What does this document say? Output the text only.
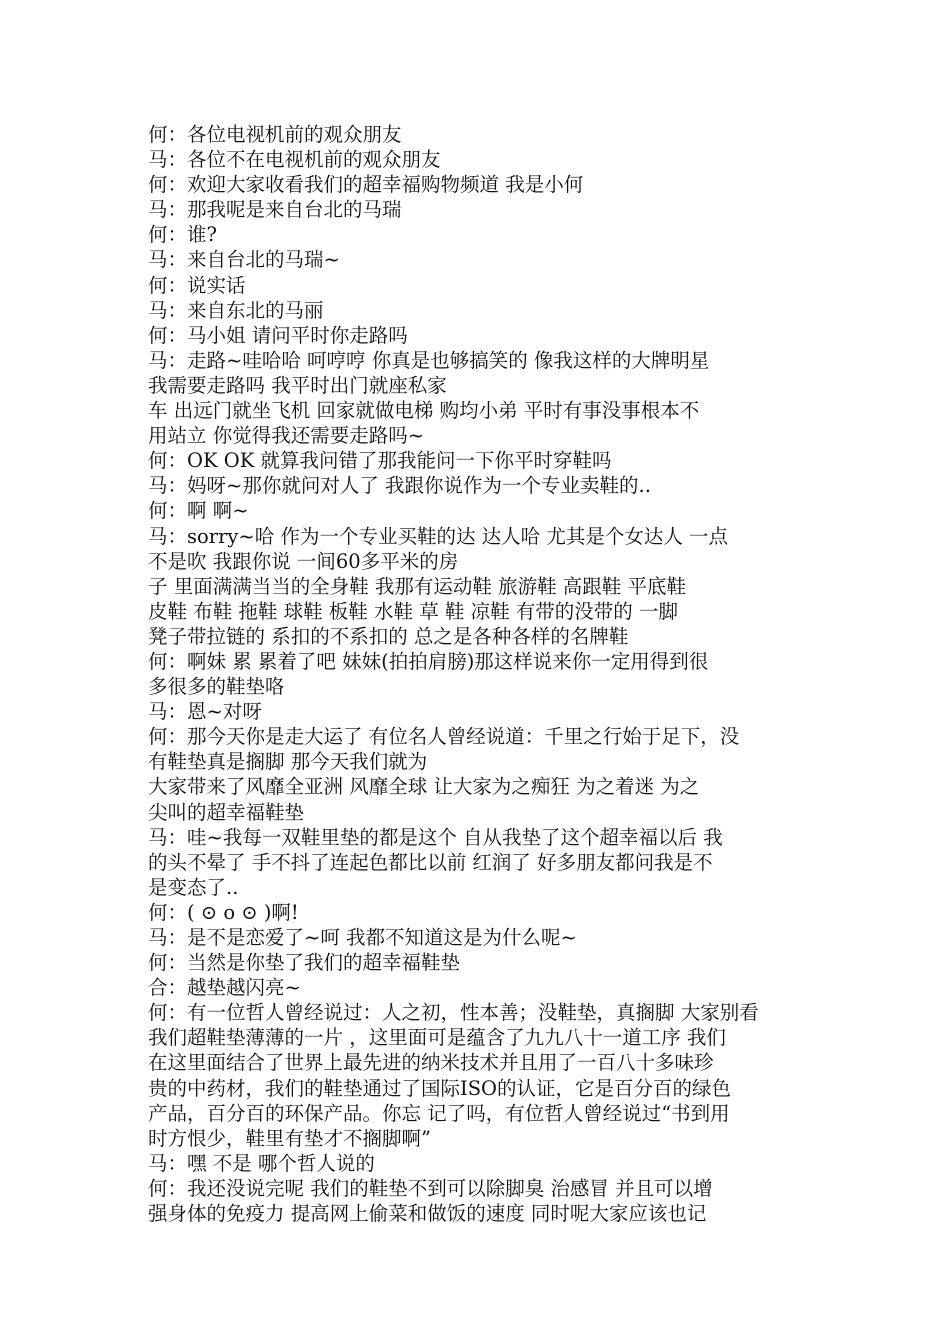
何：各位电视机前的观众朋友
马：各位不在电视机前的观众朋友
何：欢迎大家收看我们的超幸福购物频道 我是小何
马：那我呢是来自台北的马瑞
何：谁?
马：来自台北的马瑞~
何：说实话
马：来自东北的马丽
何：马小姐 请问平时你走路吗
马：走路~哇哈哈 呵哼哼 你真是也够搞笑的 像我这样的大牌明星
我需要走路吗 我平时出门就座私家
车 出远门就坐飞机 回家就做电梯 购均小弟 平时有事没事根本不
用站立 你觉得我还需要走路吗~
何：OK OK 就算我问错了那我能问一下你平时穿鞋吗
马：妈呀~那你就问对人了 我跟你说作为一个专业卖鞋的..
何：啊 啊~
马：sorry~哈 作为一个专业买鞋的达 达人哈 尤其是个女达人 一点
不是吹 我跟你说 一间60多平米的房
子 里面满满当当的全身鞋 我那有运动鞋 旅游鞋 高跟鞋 平底鞋
皮鞋 布鞋 拖鞋 球鞋 板鞋 水鞋 草 鞋 凉鞋 有带的没带的 一脚
凳子带拉链的 系扣的不系扣的 总之是各种各样的名牌鞋
何：啊妹 累 累着了吧 妹妹(拍拍肩膀)那这样说来你一定用得到很
多很多的鞋垫咯
马：恩~对呀
何：那今天你是走大运了 有位名人曾经说道：千里之行始于足下，没
有鞋垫真是搁脚 那今天我们就为
大家带来了风靡全亚洲 风靡全球 让大家为之痴狂 为之着迷 为之
尖叫的超幸福鞋垫
马：哇~我每一双鞋里垫的都是这个 自从我垫了这个超幸福以后 我
的头不晕了 手不抖了连起色都比以前 红润了 好多朋友都问我是不
是变态了..
何：( ⊙ o ⊙ )啊!
马：是不是恋爱了~呵 我都不知道这是为什么呢~
何：当然是你垫了我们的超幸福鞋垫
合：越垫越闪亮~
何：有一位哲人曾经说过：人之初，性本善；没鞋垫，真搁脚 大家别看
我们超鞋垫薄薄的一片 ，这里面可是蕴含了九九八十一道工序 我们
在这里面结合了世界上最先进的纳米技术并且用了一百八十多味珍
贵的中药材，我们的鞋垫通过了国际ISO的认证，它是百分百的绿色
产品，百分百的环保产品。你忘 记了吗，有位哲人曾经说过“书到用
时方恨少，鞋里有垫才不搁脚啊”
马：嘿 不是 哪个哲人说的
何：我还没说完呢 我们的鞋垫不到可以除脚臭 治感冒 并且可以增
强身体的免疫力 提高网上偷菜和做饭的速度 同时呢大家应该也记
